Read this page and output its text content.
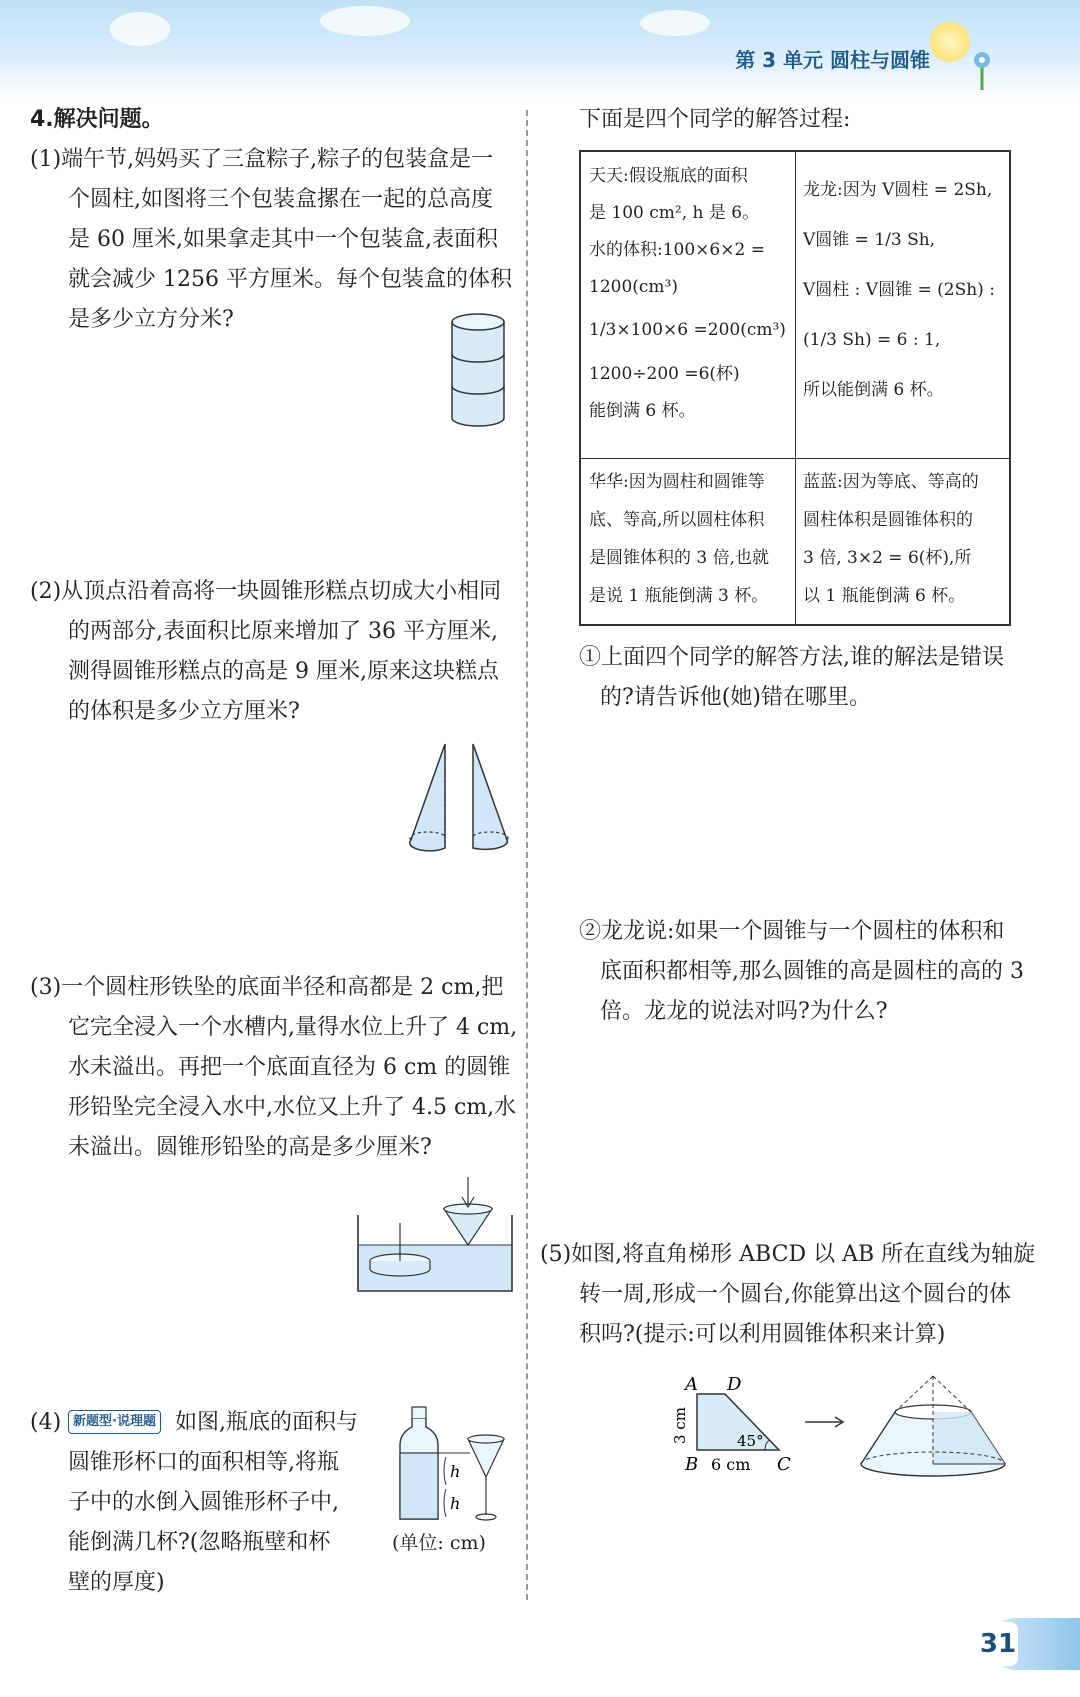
第 3 单元 圆柱与圆锥
4.解决问题。
(1)端午节,妈妈买了三盒粽子,粽子的包装盒是一
个圆柱,如图将三个包装盒摞在一起的总高度
是 60 厘米,如果拿走其中一个包装盒,表面积
就会减少 1256 平方厘米。每个包装盒的体积
是多少立方分米?
(2)从顶点沿着高将一块圆锥形糕点切成大小相同
的两部分,表面积比原来增加了 36 平方厘米,
测得圆锥形糕点的高是 9 厘米,原来这块糕点
的体积是多少立方厘米?
(3)一个圆柱形铁坠的底面半径和高都是 2 cm,把
它完全浸入一个水槽内,量得水位上升了 4 cm,
水未溢出。再把一个底面直径为 6 cm 的圆锥
形铅坠完全浸入水中,水位又上升了 4.5 cm,水
未溢出。圆锥形铅坠的高是多少厘米?
(4) 新题型·说理题 如图,瓶底的面积与
圆锥形杯口的面积相等,将瓶
子中的水倒入圆锥形杯子中,
能倒满几杯?(忽略瓶壁和杯
壁的厚度)
(单位: cm)
h
h
下面是四个同学的解答过程:
天天:假设瓶底的面积
是 100 cm², h 是 6。
水的体积:100×6×2 =
1200(cm³)
1/3×100×6 =200(cm³)
1200÷200 =6(杯)
能倒满 6 杯。
龙龙:因为 V圆柱 = 2Sh,
V圆锥 = 1/3 Sh,
V圆柱 : V圆锥 = (2Sh) :
(1/3 Sh) = 6 : 1,
所以能倒满 6 杯。
华华:因为圆柱和圆锥等
底、等高,所以圆柱体积
是圆锥体积的 3 倍,也就
是说 1 瓶能倒满 3 杯。
蓝蓝:因为等底、等高的
圆柱体积是圆锥体积的
3 倍, 3×2 = 6(杯),所
以 1 瓶能倒满 6 杯。
①上面四个同学的解答方法,谁的解法是错误
的?请告诉他(她)错在哪里。
②龙龙说:如果一个圆锥与一个圆柱的体积和
底面积都相等,那么圆锥的高是圆柱的高的 3
倍。龙龙的说法对吗?为什么?
(5)如图,将直角梯形 ABCD 以 AB 所在直线为轴旋
转一周,形成一个圆台,你能算出这个圆台的体
积吗?(提示:可以利用圆锥体积来计算)
A D
B	C
3 cm
6 cm
45°
31
